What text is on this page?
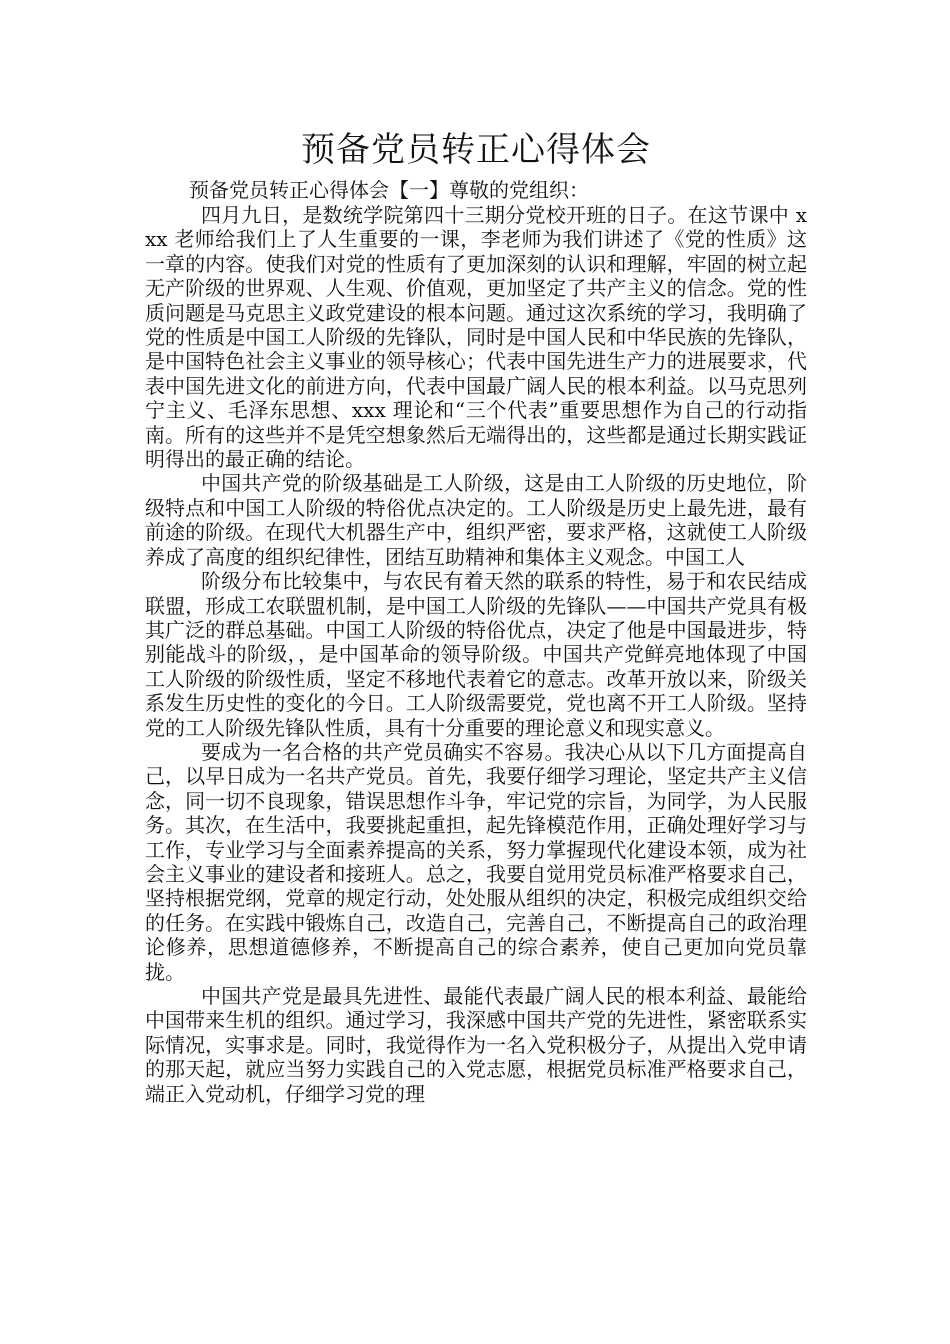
预备党员转正心得体会

预备党员转正心得体会【一】尊敬的党组织：

四月九日，是数统学院第四十三期分党校开班的日子。在这节课中 xxx 老师给我们上了人生重要的一课，李老师为我们讲述了《党的性质》这一章的内容。使我们对党的性质有了更加深刻的认识和理解，牢固的树立起无产阶级的世界观、人生观、价值观，更加坚定了共产主义的信念。党的性质问题是马克思主义政党建设的根本问题。通过这次系统的学习，我明确了党的性质是中国工人阶级的先锋队，同时是中国人民和中华民族的先锋队，是中国特色社会主义事业的领导核心；代表中国先进生产力的进展要求，代表中国先进文化的前进方向，代表中国最广阔人民的根本利益。以马克思列宁主义、毛泽东思想、xxx 理论和“三个代表”重要思想作为自己的行动指南。所有的这些并不是凭空想象然后无端得出的，这些都是通过长期实践证明得出的最正确的结论。

中国共产党的阶级基础是工人阶级，这是由工人阶级的历史地位，阶级特点和中国工人阶级的特俗优点决定的。工人阶级是历史上最先进，最有前途的阶级。在现代大机器生产中，组织严密，要求严格，这就使工人阶级养成了高度的组织纪律性，团结互助精神和集体主义观念。中国工人

阶级分布比较集中，与农民有着天然的联系的特性，易于和农民结成联盟，形成工农联盟机制，是中国工人阶级的先锋队——中国共产党具有极其广泛的群总基础。中国工人阶级的特俗优点，决定了他是中国最进步，特别能战斗的阶级，，是中国革命的领导阶级。中国共产党鲜亮地体现了中国工人阶级的阶级性质，坚定不移地代表着它的意志。改革开放以来，阶级关系发生历史性的变化的今日。工人阶级需要党，党也离不开工人阶级。坚持党的工人阶级先锋队性质，具有十分重要的理论意义和现实意义。

要成为一名合格的共产党员确实不容易。我决心从以下几方面提高自己，以早日成为一名共产党员。首先，我要仔细学习理论，坚定共产主义信念，同一切不良现象，错误思想作斗争，牢记党的宗旨，为同学，为人民服务。其次，在生活中，我要挑起重担，起先锋模范作用，正确处理好学习与工作，专业学习与全面素养提高的关系，努力掌握现代化建设本领，成为社会主义事业的建设者和接班人。总之，我要自觉用党员标准严格要求自己，坚持根据党纲，党章的规定行动，处处服从组织的决定，积极完成组织交给的任务。在实践中锻炼自己，改造自己，完善自己，不断提高自己的政治理论修养，思想道德修养，不断提高自己的综合素养，使自己更加向党员靠拢。

中国共产党是最具先进性、最能代表最广阔人民的根本利益、最能给中国带来生机的组织。通过学习，我深感中国共产党的先进性，紧密联系实际情况，实事求是。同时，我觉得作为一名入党积极分子，从提出入党申请的那天起，就应当努力实践自己的入党志愿，根据党员标准严格要求自己，端正入党动机，仔细学习党的理
